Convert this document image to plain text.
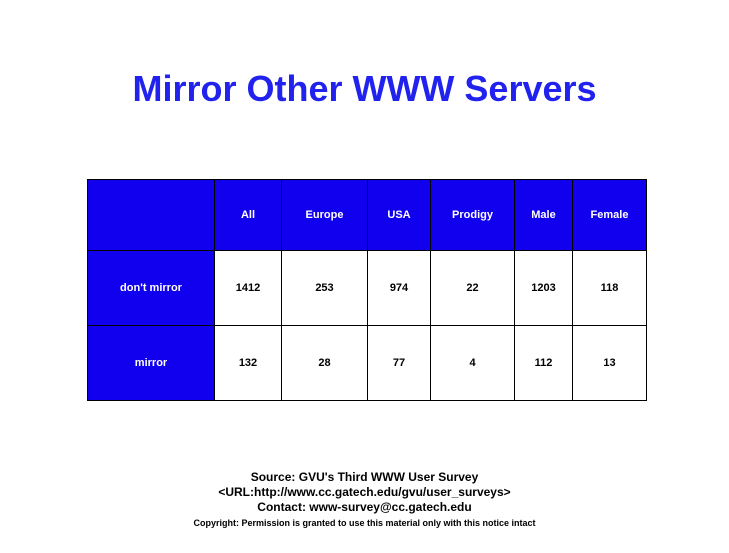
Mirror Other WWW Servers
	All	Europe	USA	Prodigy	Male	Female
don't mirror	1412	253	974	22	1203	118
mirror	132	28	77	4	112	13
Source: GVU's Third WWW User Survey
<URL:http://www.cc.gatech.edu/gvu/user_surveys>
Contact: www-survey@cc.gatech.edu
Copyright: Permission is granted to use this material only with this notice intact
